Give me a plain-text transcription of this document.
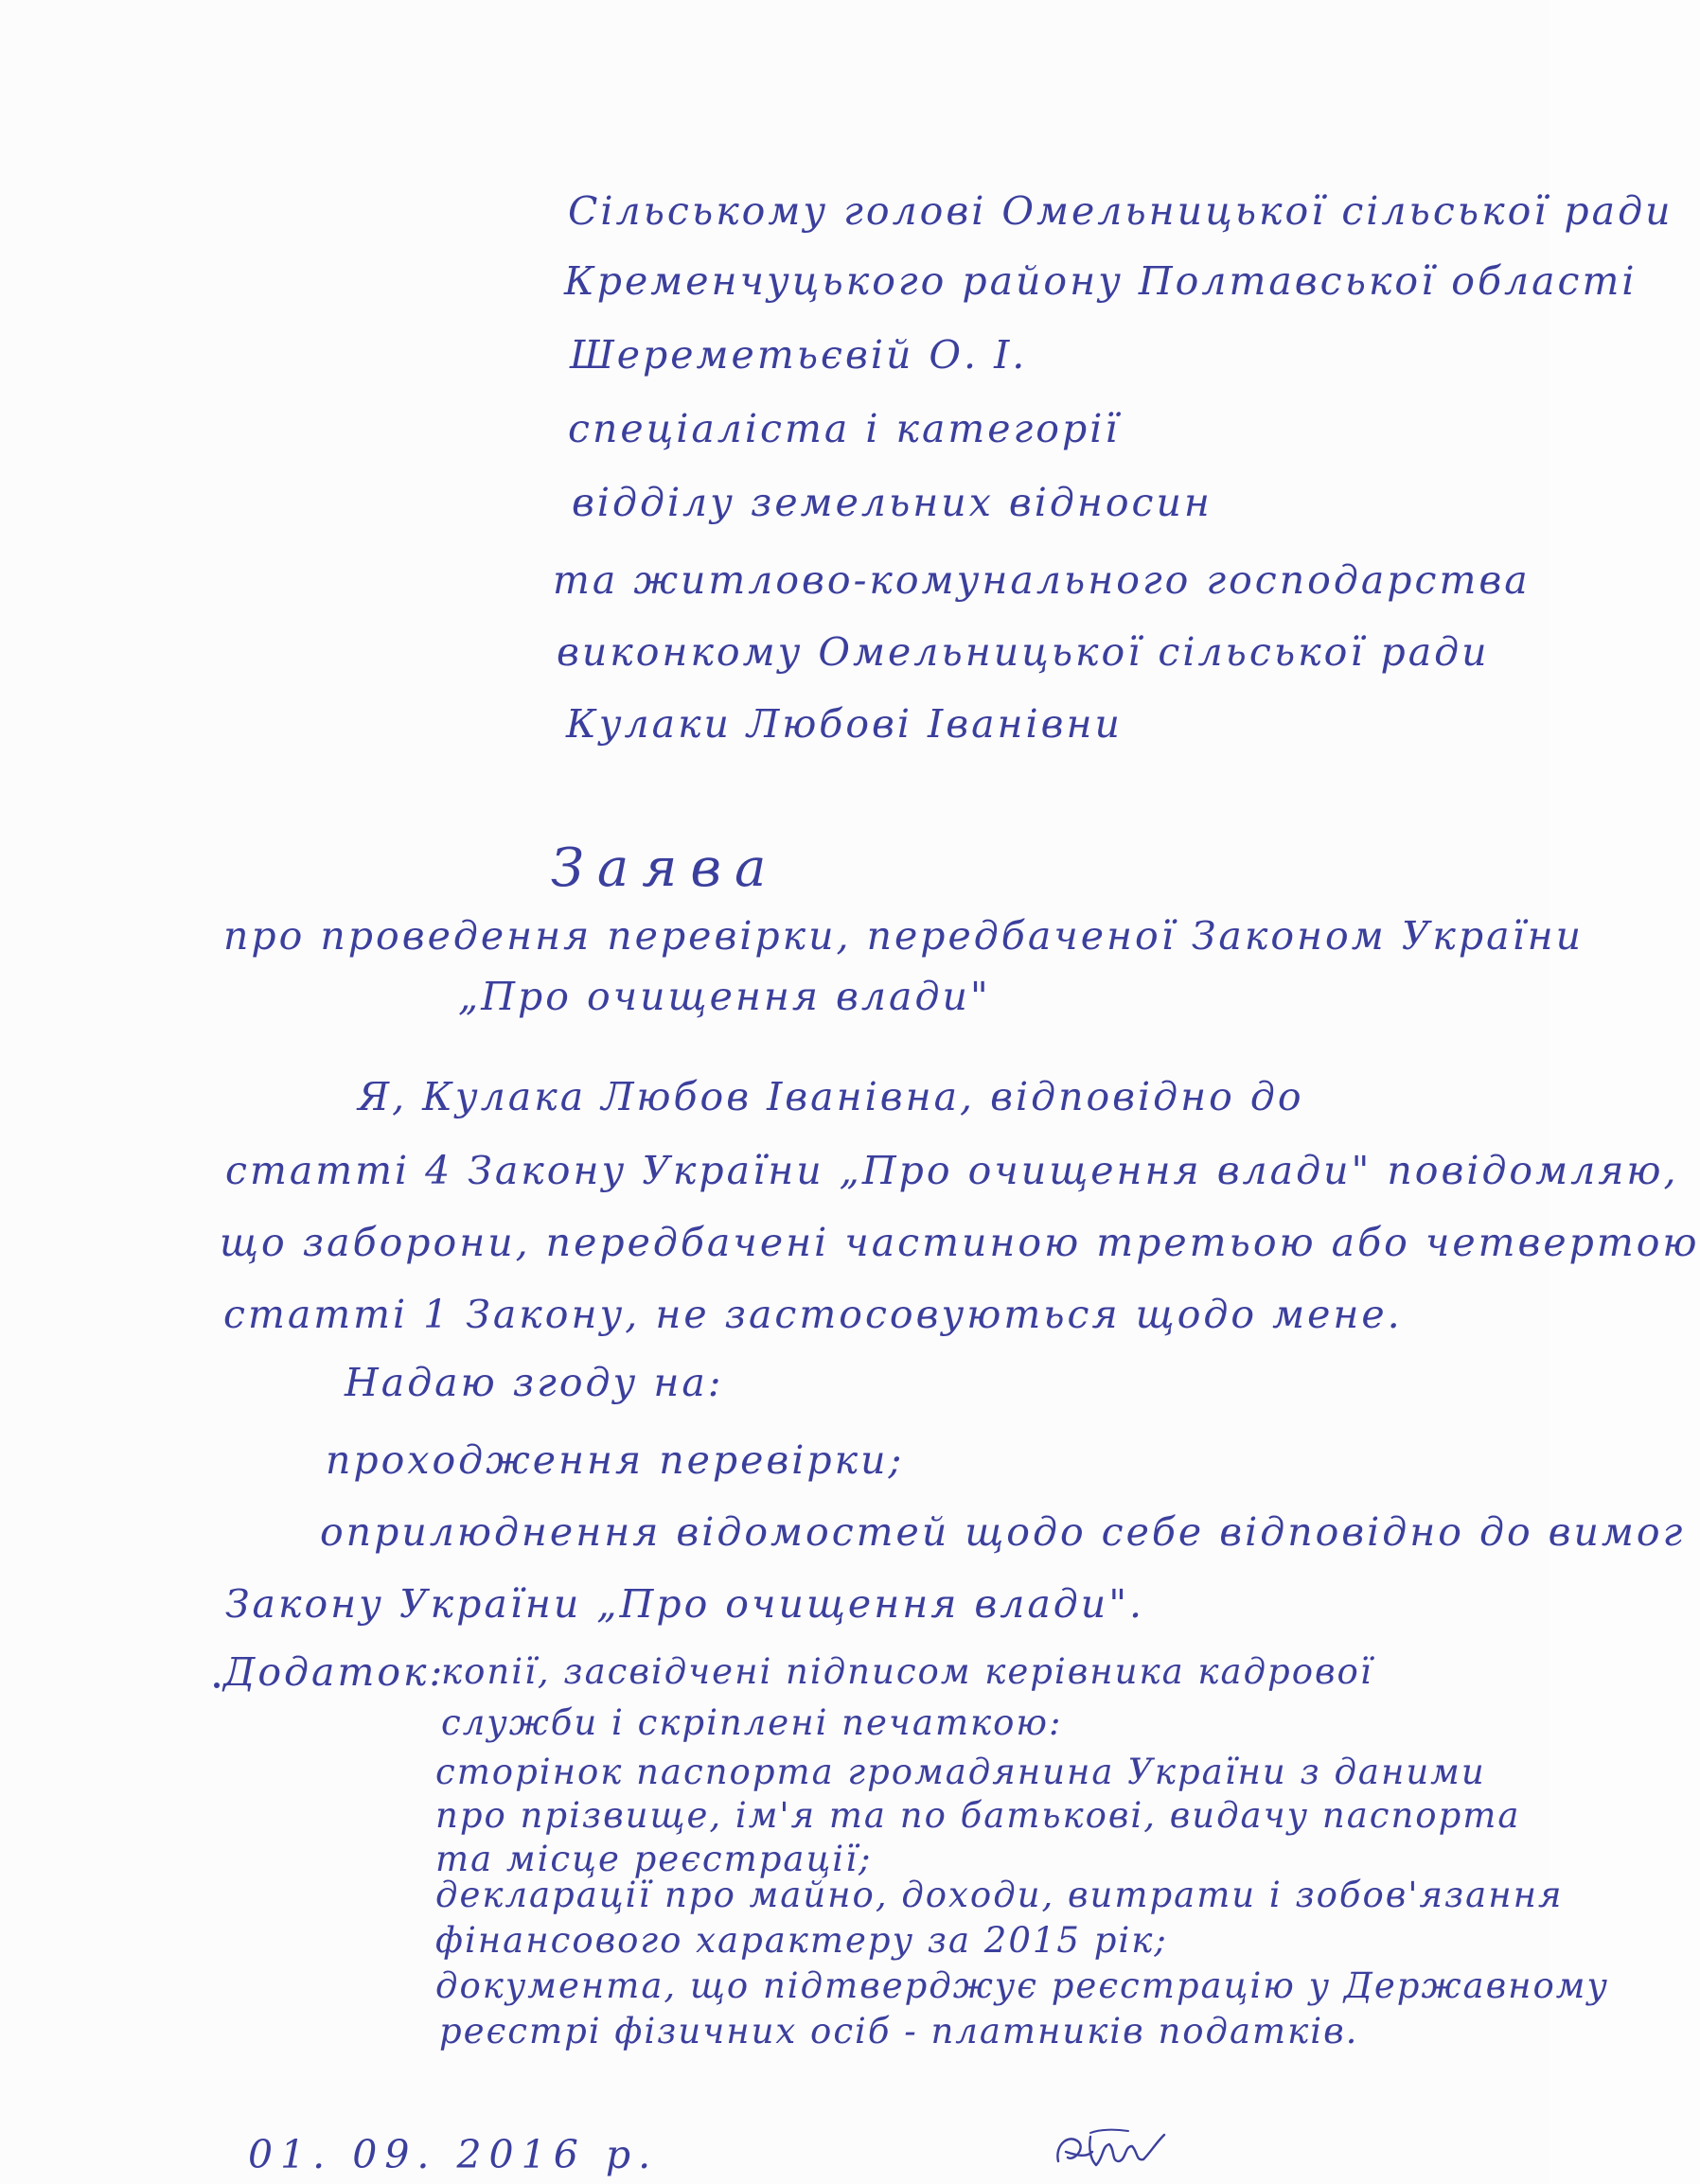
Сільському головi Омельницької сільської ради
Кременчуцького району Полтавської області
Шереметьєвій О. І.
спеціаліста і категорії
відділу земельних відносин
та житлово-комунального господарства
виконкому Омельницької сільської ради
Кулаки Любові Іванівни
Заява
про проведення перевірки, передбаченої Законом України
„Про очищення влади"
Я, Кулака Любов Іванівна, відповідно до
статті 4 Закону України „Про очищення влади" повідомляю,
що заборони, передбачені частиною третьою або четвертою
статті 1 Закону, не застосовуються щодо мене.
Надаю згоду на:
проходження перевірки;
оприлюднення відомостей щодо себе відповідно до вимог
Закону України „Про очищення влади".
Додаток:
копії, засвідчені підписом керівника кадрової
служби і скріплені печаткою:
сторінок паспорта громадянина України з даними
про прізвище, ім'я та по батькові, видачу паспорта
та місце реєстрації;
декларації про майно, доходи, витрати і зобов'язання
фінансового характеру за 2015 рік;
документа, що підтверджує реєстрацію у Державному
реєстрі фізичних осіб - платників податків.
01. 09. 2016 р.
